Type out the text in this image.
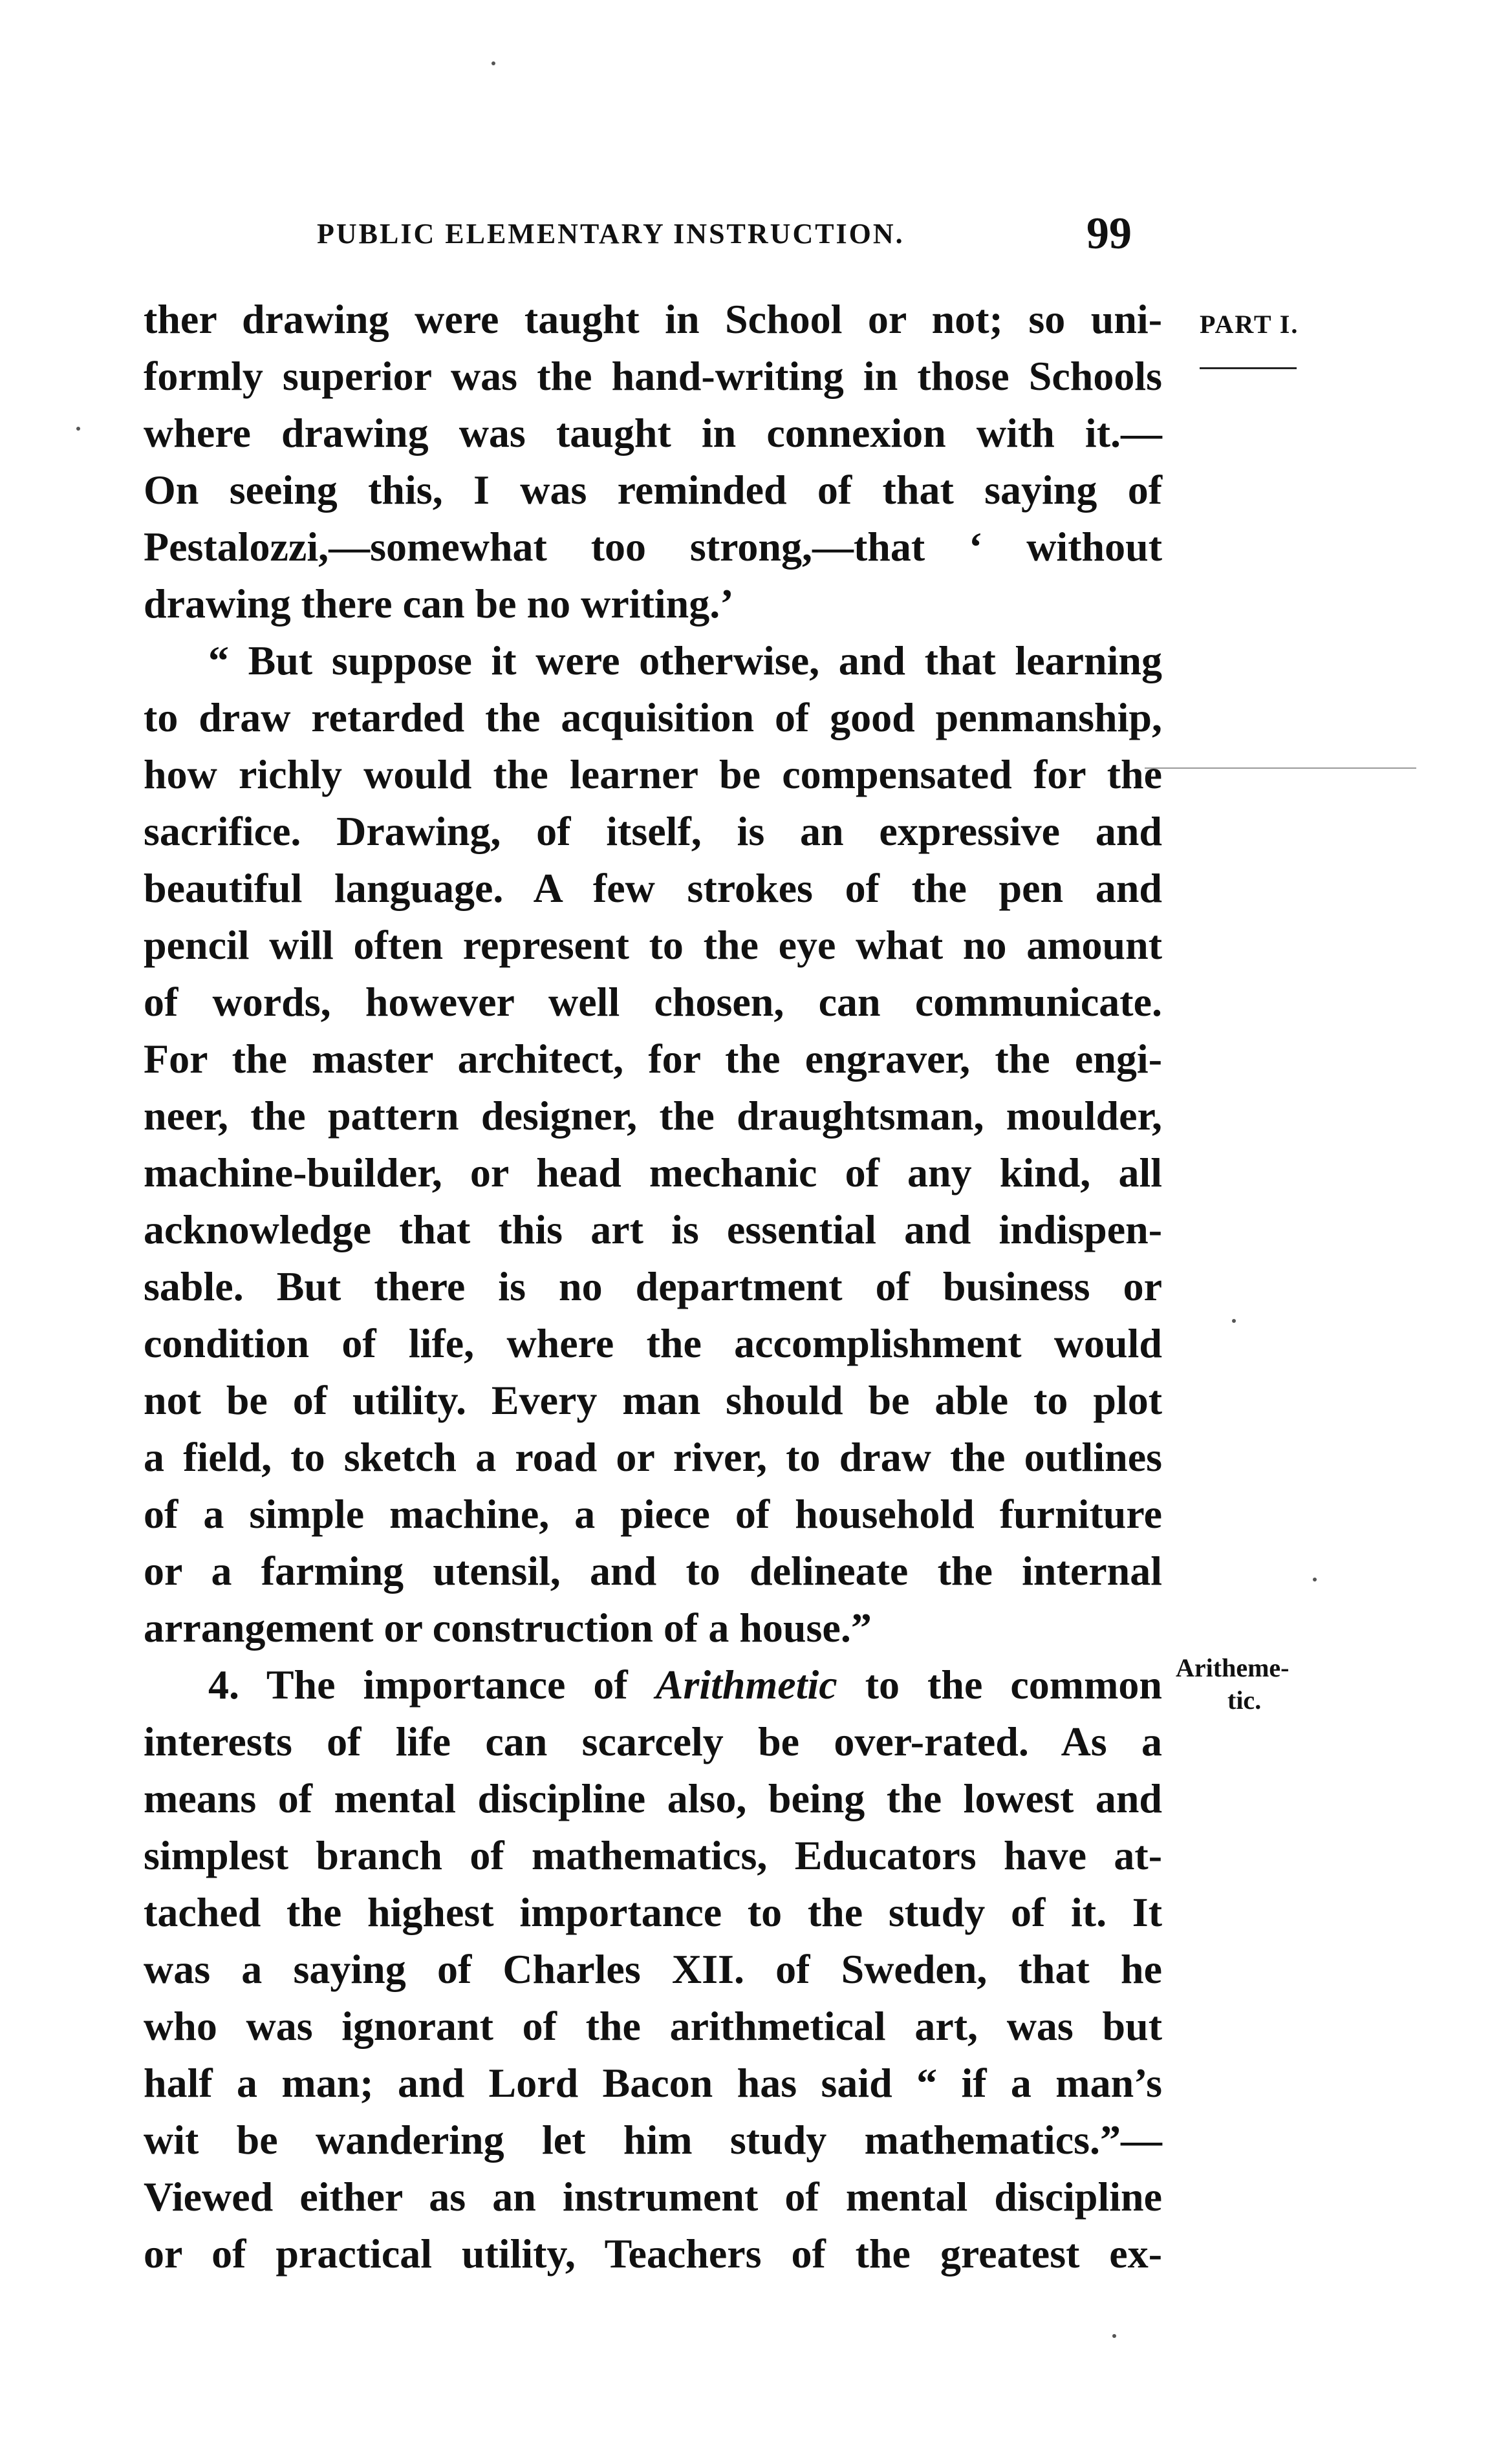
PUBLIC ELEMENTARY INSTRUCTION.	99
PART I.
ther drawing were taught in School or not; so uni-
formly superior was the hand-writing in those Schools
where drawing was taught in connexion with it.—
On seeing this, I was reminded of that saying of
Pestalozzi,—somewhat too strong,—that ‘ without
drawing there can be no writing.’
“ But suppose it were otherwise, and that learning
to draw retarded the acquisition of good penmanship,
how richly would the learner be compensated for the
sacrifice. Drawing, of itself, is an expressive and
beautiful language. A few strokes of the pen and
pencil will often represent to the eye what no amount
of words, however well chosen, can communicate.
For the master architect, for the engraver, the engi-
neer, the pattern designer, the draughtsman, moulder,
machine-builder, or head mechanic of any kind, all
acknowledge that this art is essential and indispen-
sable. But there is no department of business or
condition of life, where the accomplishment would
not be of utility. Every man should be able to plot
a field, to sketch a road or river, to draw the outlines
of a simple machine, a piece of household furniture
or a farming utensil, and to delineate the internal
arrangement or construction of a house.”
4. The importance of Arithmetic to the common
interests of life can scarcely be over-rated. As a
means of mental discipline also, being the lowest and
simplest branch of mathematics, Educators have at-
tached the highest importance to the study of it. It
was a saying of Charles XII. of Sweden, that he
who was ignorant of the arithmetical art, was but
half a man; and Lord Bacon has said “ if a man’s
wit be wandering let him study mathematics.”—
Viewed either as an instrument of mental discipline
or of practical utility, Teachers of the greatest ex-
Aritheme-
tic.
